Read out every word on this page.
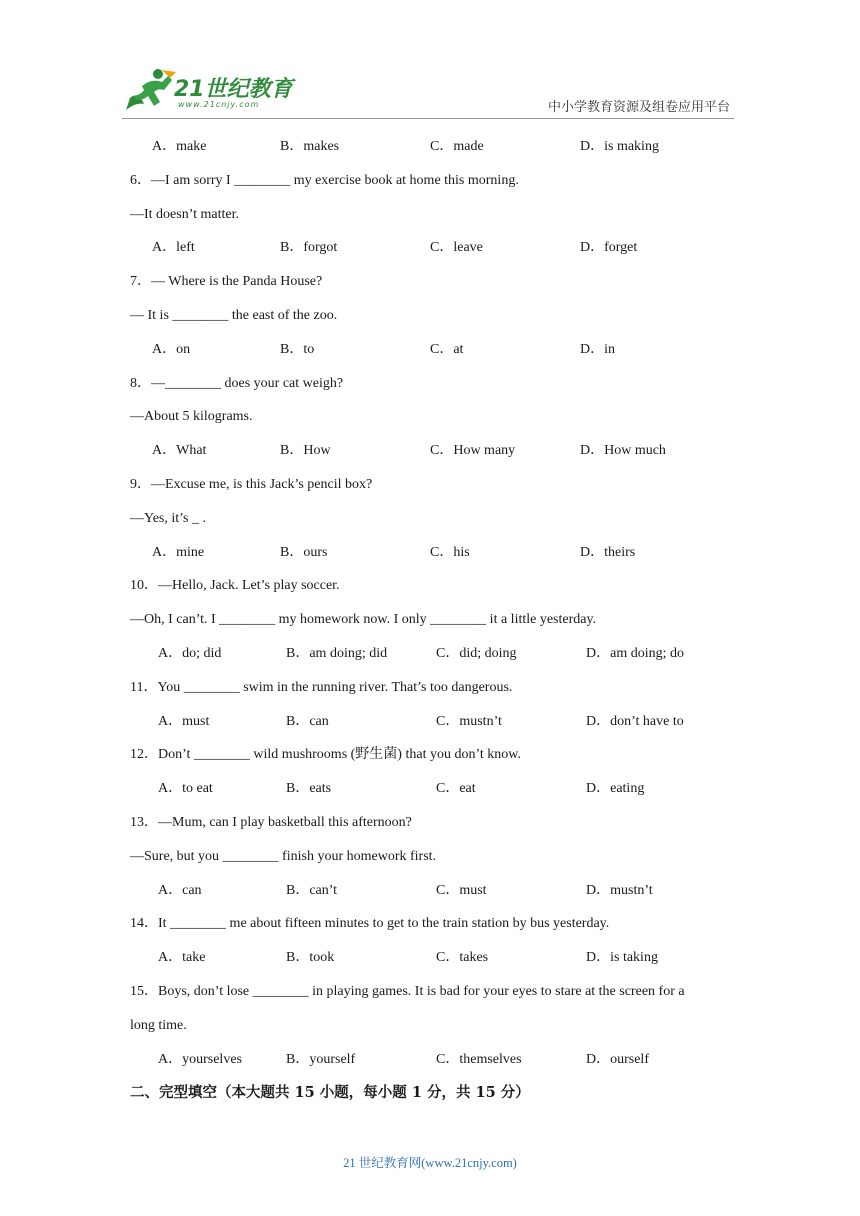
21世纪教育
www.21cnjy.com	中小学教育资源及组卷应用平台
A．make	B．makes	C．made	D．is making
6．—I am sorry I ________ my exercise book at home this morning.
—It doesn’t matter.
A．left	B．forgot	C．leave	D．forget
7．— Where is the Panda House?
— It is ________ the east of the zoo.
A．on	B．to	C．at	D．in
8．—________ does your cat weigh?
—About 5 kilograms.
A．What	B．How	C．How many	D．How much
9．—Excuse me, is this Jack’s pencil box?
—Yes, it’s _ .
A．mine	B．ours	C．his	D．theirs
10．—Hello, Jack. Let’s play soccer.
—Oh, I can’t. I ________ my homework now. I only ________ it a little yesterday.
A．do; did	B．am doing; did	C．did; doing	D．am doing; do
11．You ________ swim in the running river. That’s too dangerous.
A．must	B．can	C．mustn’t	D．don’t have to
12．Don’t ________ wild mushrooms (野生菌) that you don’t know.
A．to eat	B．eats	C．eat	D．eating
13．—Mum, can I play basketball this afternoon?
—Sure, but you ________ finish your homework first.
A．can	B．can’t	C．must	D．mustn’t
14．It ________ me about fifteen minutes to get to the train station by bus yesterday.
A．take	B．took	C．takes	D．is taking
15．Boys, don’t lose ________ in playing games. It is bad for your eyes to stare at the screen for a
long time.
A．yourselves	B．yourself	C．themselves	D．ourself
二、完型填空（本大题共 15 小题，每小题 1 分，共 15 分）
21 世纪教育网(www.21cnjy.com)
